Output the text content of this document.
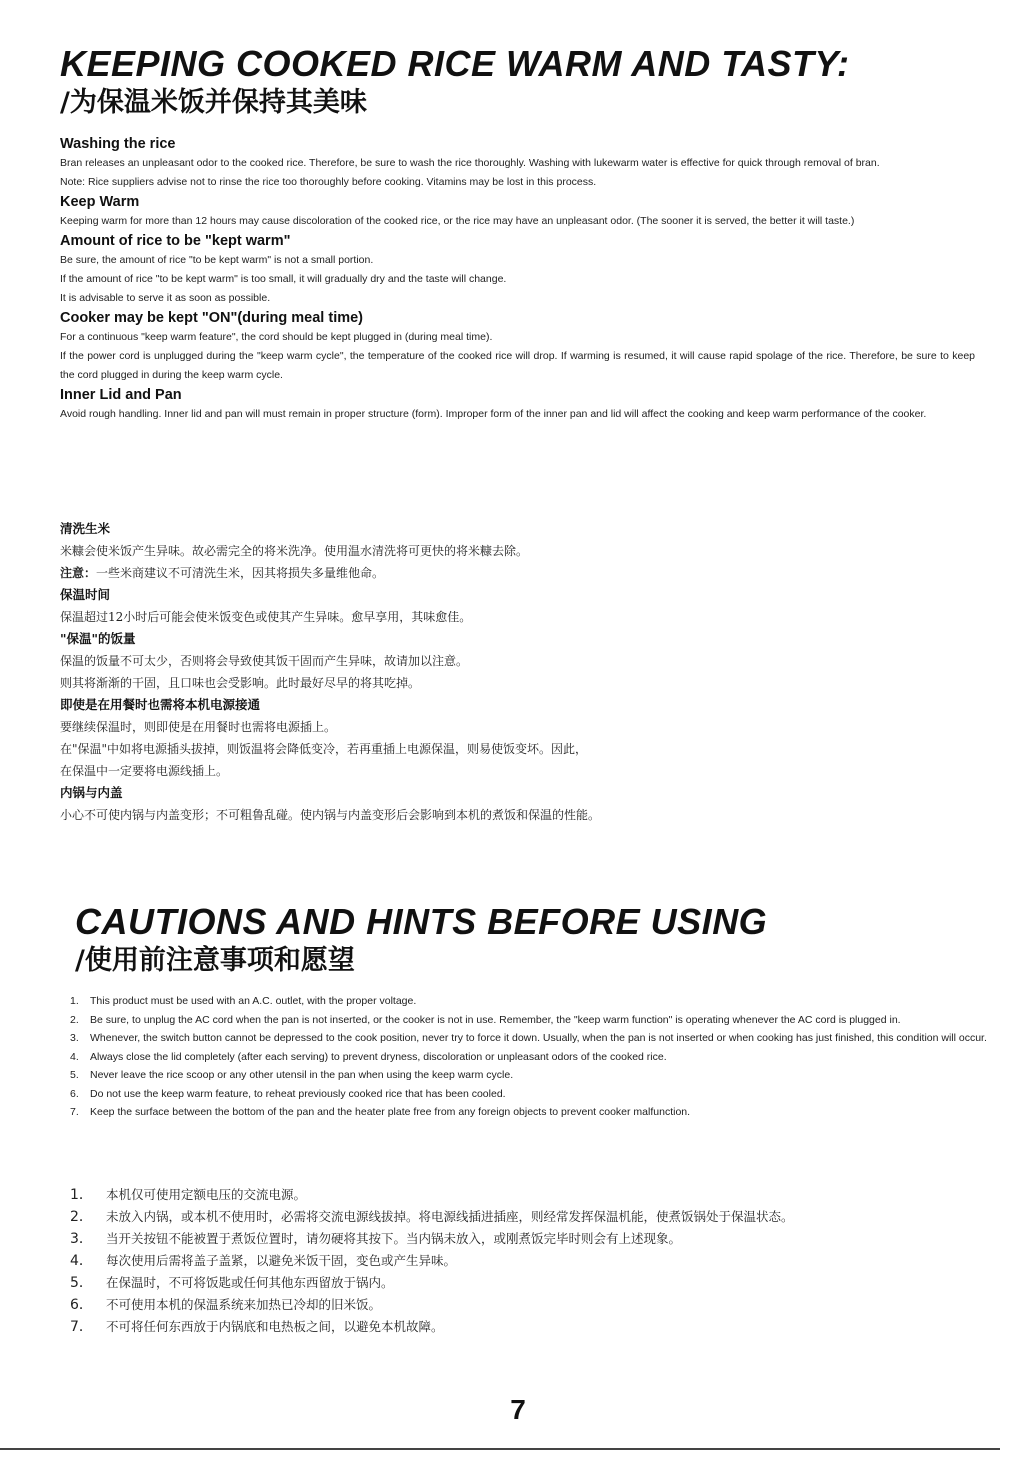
KEEPING COOKED RICE WARM AND TASTY:
/为保温米饭并保持其美味
Washing the rice

Bran releases an unpleasant odor to the cooked rice. Therefore, be sure to wash the rice thoroughly. Washing with lukewarm water is effective for quick through removal of bran.

Note: Rice suppliers advise not to rinse the rice too thoroughly before cooking. Vitamins may be lost in this process.

Keep Warm

Keeping warm for more than 12 hours may cause discoloration of the cooked rice, or the rice may have an unpleasant odor. (The sooner it is served, the better it will taste.)

Amount of rice to be "kept warm"

Be sure, the amount of rice "to be kept warm" is not a small portion.

If the amount of rice "to be kept warm" is too small, it will gradually dry and the taste will change.

It is advisable to serve it as soon as possible.

Cooker may be kept "ON"(during meal time)

For a continuous "keep warm feature", the cord should be kept plugged in (during meal time).

If the power cord is unplugged during the "keep warm cycle", the temperature of the cooked rice will drop. If warming is resumed, it will cause rapid spolage of the rice. Therefore, be sure to keep the cord plugged in during the keep warm cycle.

Inner Lid and Pan

Avoid rough handling. Inner lid and pan will must remain in proper structure (form). Improper form of the inner pan and lid will affect the cooking and keep warm performance of the cooker.

清洗生米

米糠会使米饭产生异味。故必需完全的将米洗净。使用温水清洗将可更快的将米糠去除。

注意：一些米商建议不可清洗生米，因其将损失多量维他命。

保温时间

保温超过12小时后可能会使米饭变色或使其产生异味。愈早享用，其味愈佳。

"保温"的饭量

保温的饭量不可太少，否则将会导致使其饭干固而产生异味，故请加以注意。

则其将渐渐的干固，且口味也会受影响。此时最好尽早的将其吃掉。

即使是在用餐时也需将本机电源接通

要继续保温时，则即使是在用餐时也需将电源插上。

在"保温"中如将电源插头拔掉，则饭温将会降低变冷，若再重插上电源保温，则易使饭变坏。因此，

在保温中一定要将电源线插上。

内锅与内盖

小心不可使内锅与内盖变形；不可粗鲁乱碰。使内锅与内盖变形后会影响到本机的煮饭和保温的性能。

CAUTIONS AND HINTS BEFORE USING
/使用前注意事项和愿望
1.	This product must be used with an A.C. outlet, with the proper voltage.
2.	Be sure, to unplug the AC cord when the pan is not inserted, or the cooker is not in use. Remember, the "keep warm function" is operating whenever the AC cord is plugged in.
3.	Whenever, the switch button cannot be depressed to the cook position, never try to force it down. Usually, when the pan is not inserted or when cooking has just finished, this condition will occur.
4.	Always close the lid completely (after each serving) to prevent dryness, discoloration or unpleasant odors of the cooked rice.
5.	Never leave the rice scoop or any other utensil in the pan when using the keep warm cycle.
6.	Do not use the keep warm feature, to reheat previously cooked rice that has been cooled.
7.	Keep the surface between the bottom of the pan and the heater plate free from any foreign objects to prevent cooker malfunction.
1．	本机仅可使用定额电压的交流电源。
2．	未放入内锅，或本机不使用时，必需将交流电源线拔掉。将电源线插进插座，则经常发挥保温机能，使煮饭锅处于保温状态。
3．	当开关按钮不能被置于煮饭位置时，请勿硬将其按下。当内锅未放入，或刚煮饭完毕时则会有上述现象。
4．	每次使用后需将盖子盖紧，以避免米饭干固，变色或产生异味。
5．	在保温时，不可将饭匙或任何其他东西留放于锅内。
6．	不可使用本机的保温系统来加热已冷却的旧米饭。
7．	不可将任何东西放于内锅底和电热板之间，以避免本机故障。
7
